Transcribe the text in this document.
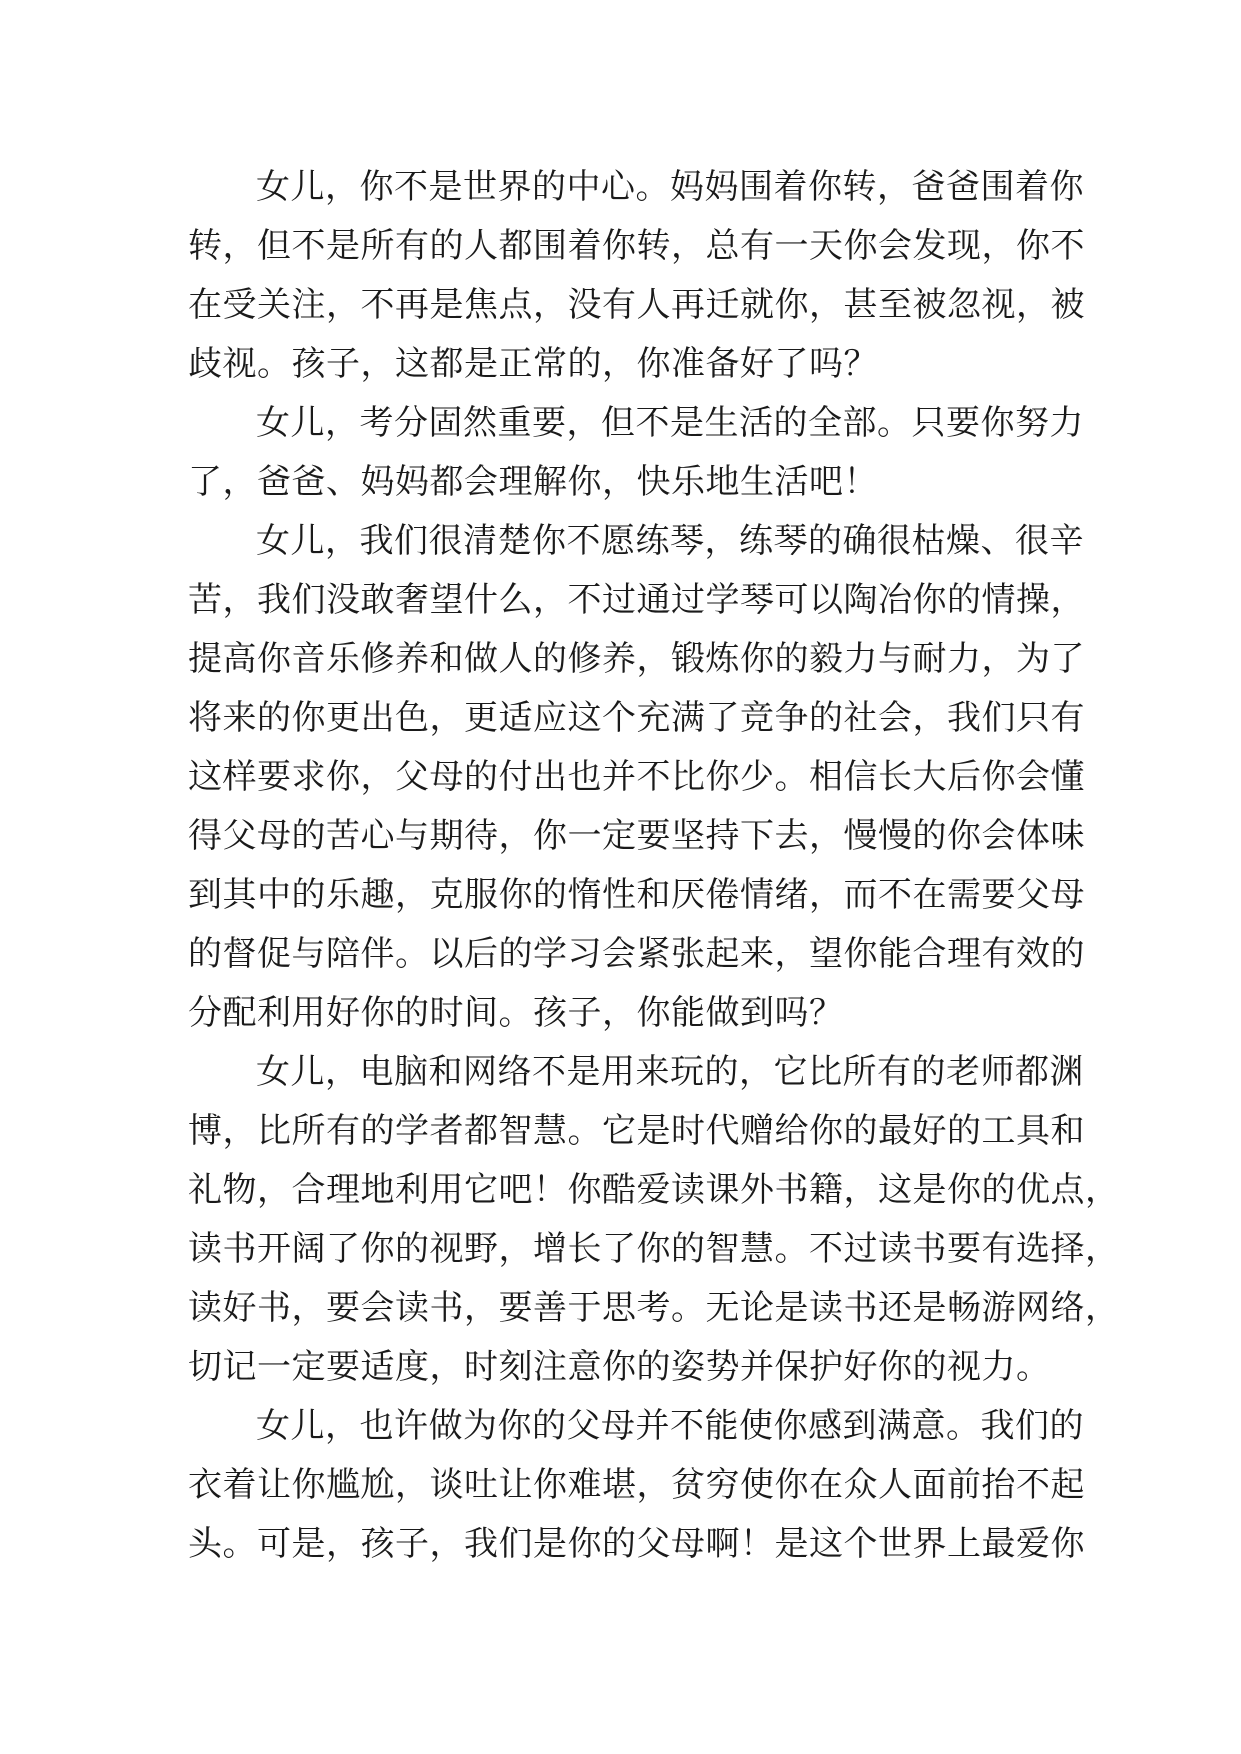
女儿，你不是世界的中心。妈妈围着你转，爸爸围着你
转，但不是所有的人都围着你转，总有一天你会发现，你不
在受关注，不再是焦点，没有人再迁就你，甚至被忽视，被
歧视。孩子，这都是正常的，你准备好了吗？
女儿，考分固然重要，但不是生活的全部。只要你努力
了，爸爸、妈妈都会理解你，快乐地生活吧！
女儿，我们很清楚你不愿练琴，练琴的确很枯燥、很辛
苦，我们没敢奢望什么，不过通过学琴可以陶冶你的情操，
提高你音乐修养和做人的修养，锻炼你的毅力与耐力，为了
将来的你更出色，更适应这个充满了竞争的社会，我们只有
这样要求你，父母的付出也并不比你少。相信长大后你会懂
得父母的苦心与期待，你一定要坚持下去，慢慢的你会体味
到其中的乐趣，克服你的惰性和厌倦情绪，而不在需要父母
的督促与陪伴。以后的学习会紧张起来，望你能合理有效的
分配利用好你的时间。孩子，你能做到吗？
女儿，电脑和网络不是用来玩的，它比所有的老师都渊
博，比所有的学者都智慧。它是时代赠给你的最好的工具和
礼物，合理地利用它吧！你酷爱读课外书籍，这是你的优点，
读书开阔了你的视野，增长了你的智慧。不过读书要有选择，
读好书，要会读书，要善于思考。无论是读书还是畅游网络，
切记一定要适度，时刻注意你的姿势并保护好你的视力。
女儿，也许做为你的父母并不能使你感到满意。我们的
衣着让你尴尬，谈吐让你难堪，贫穷使你在众人面前抬不起
头。可是，孩子，我们是你的父母啊！是这个世界上最爱你
